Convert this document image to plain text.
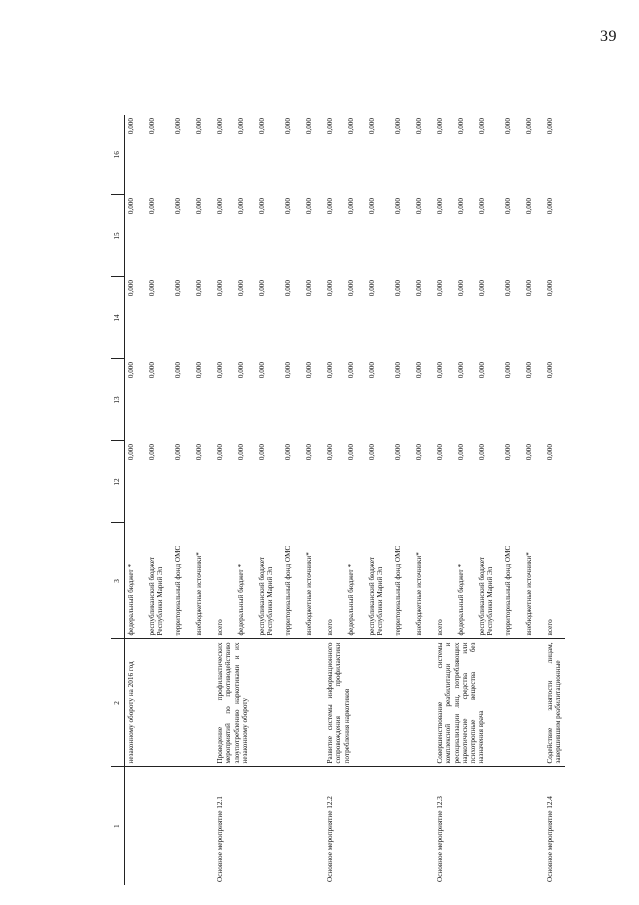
39
1	2	3	12	13	14	15	16
	незаконному обороту на 2016 год	федеральный бюджет *	0,000	0,000	0,000	0,000	0,000
		республиканский бюджет Республики Марий Эл	0,000	0,000	0,000	0,000	0,000
		территориальный фонд ОМС	0,000	0,000	0,000	0,000	0,000
		внебюджетные источники*	0,000	0,000	0,000	0,000	0,000
Основное мероприятие 12.1	Проведение профилактических мероприятий по противодействию злоупотреблению наркотиками и их незаконному обороту	всего	0,000	0,000	0,000	0,000	0,000
		федеральный бюджет *	0,000	0,000	0,000	0,000	0,000
		республиканский бюджет Республики Марий Эл	0,000	0,000	0,000	0,000	0,000
		территориальный фонд ОМС	0,000	0,000	0,000	0,000	0,000
		внебюджетные источники*	0,000	0,000	0,000	0,000	0,000
Основное мероприятие 12.2	Развитие системы информационного сопровождения профилактики потребления наркотиков	всего	0,000	0,000	0,000	0,000	0,000
		федеральный бюджет *	0,000	0,000	0,000	0,000	0,000
		республиканский бюджет Республики Марий Эл	0,000	0,000	0,000	0,000	0,000
		территориальный фонд ОМС	0,000	0,000	0,000	0,000	0,000
		внебюджетные источники*	0,000	0,000	0,000	0,000	0,000
Основное мероприятие 12.3	Совершенствование системы комплексной реабилитации и ресоциализации лиц, потребляющих наркотические средства или психотропные вещества без назначения врача	всего	0,000	0,000	0,000	0,000	0,000
		федеральный бюджет *	0,000	0,000	0,000	0,000	0,000
		республиканский бюджет Республики Марий Эл	0,000	0,000	0,000	0,000	0,000
		территориальный фонд ОМС	0,000	0,000	0,000	0,000	0,000
		внебюджетные источники*	0,000	0,000	0,000	0,000	0,000
Основное мероприятие 12.4	Содействие занятости лицам, завершившим реабилитационные	всего	0,000	0,000	0,000	0,000	0,000
